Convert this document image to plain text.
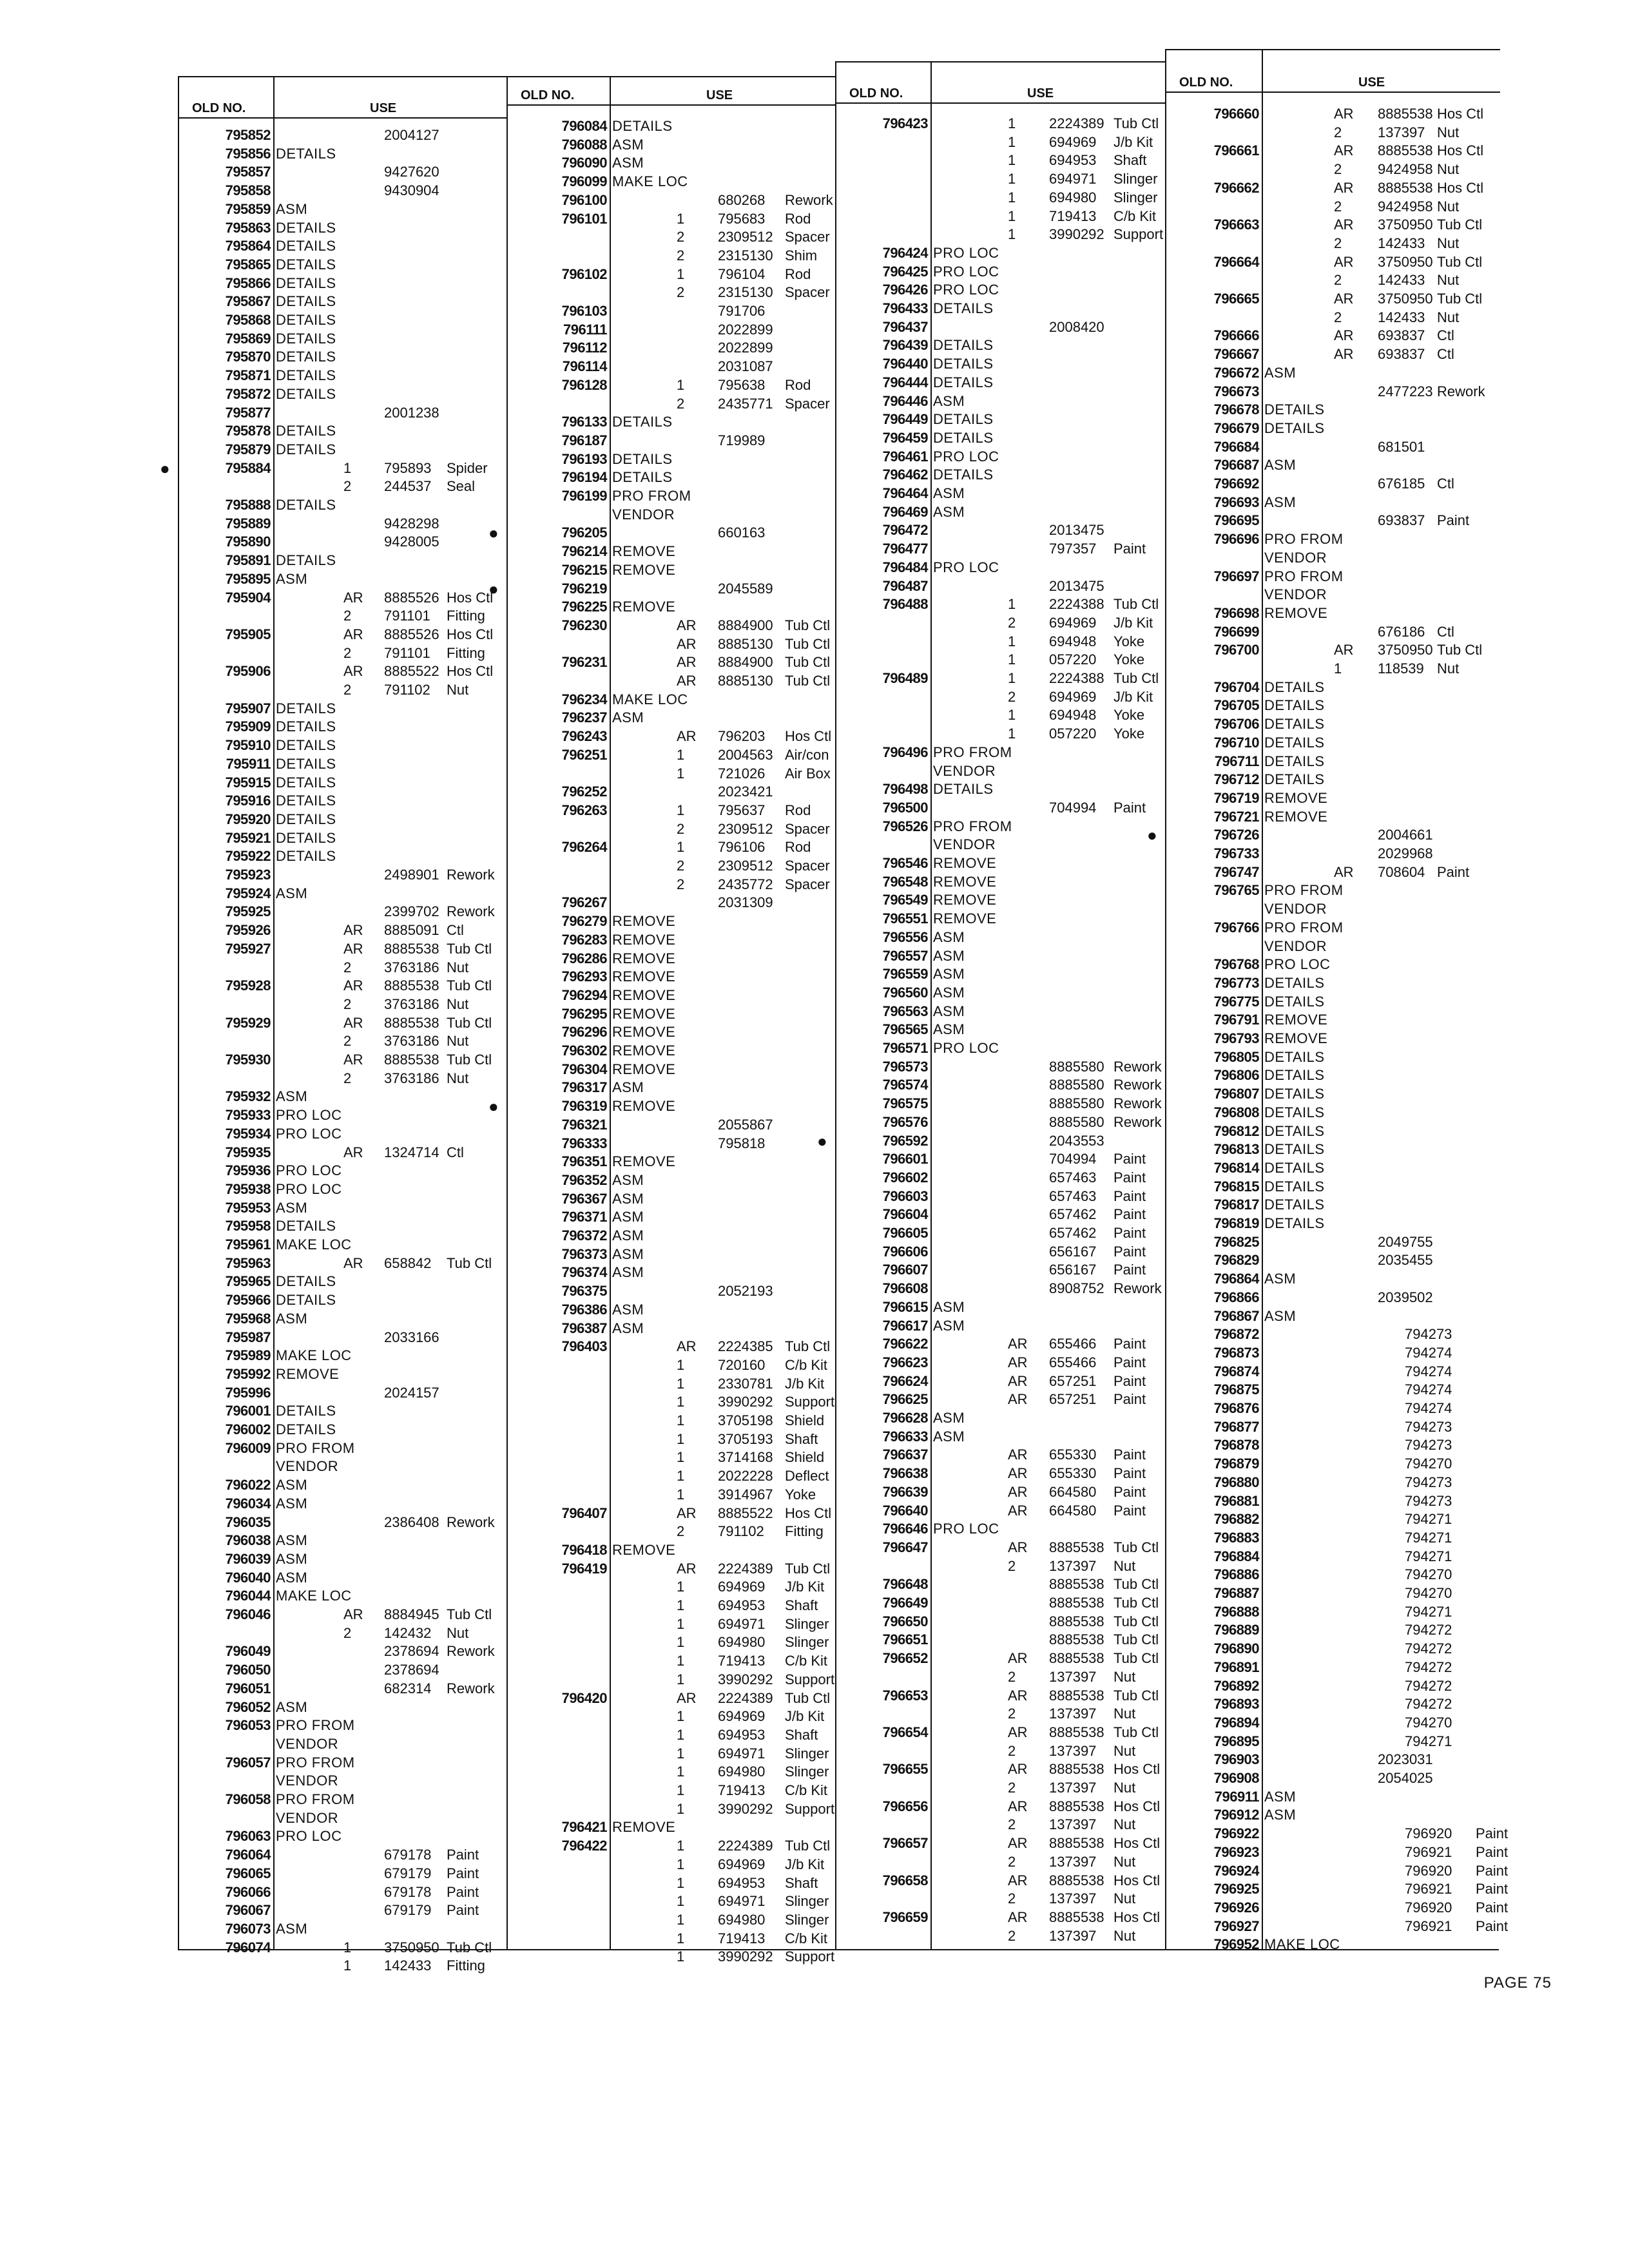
OLD NO.	USE
795852	2004127
795856 DETAILS
795857	9427620
795858	9430904
795859 ASM
795863 DETAILS
795864 DETAILS
795865 DETAILS
795866 DETAILS
795867 DETAILS
795868 DETAILS
795869 DETAILS
795870 DETAILS
795871 DETAILS
795872 DETAILS
795877	2001238
795878 DETAILS
795879 DETAILS
●	795884	1 795893 Spider
2 244537 Seal
795888 DETAILS
795889	9428298
795890	9428005
795891 DETAILS
795895 ASM
795904	AR 8885526 Hos Ctl
2 791101 Fitting
795905	AR 8885526 Hos Ctl
2 791101 Fitting
795906	AR 8885522 Hos Ctl
2 791102 Nut
795907 DETAILS
795909 DETAILS
795910 DETAILS
795911 DETAILS
795915 DETAILS
795916 DETAILS
795920 DETAILS
795921 DETAILS
795922 DETAILS
795923	2498901 Rework
795924 ASM
795925	2399702 Rework
795926	AR 8885091 Ctl
795927	AR 8885538 Tub Ctl
2 3763186 Nut
795928	AR 8885538 Tub Ctl
2 3763186 Nut
795929	AR 8885538 Tub Ctl
2 3763186 Nut
795930	AR 8885538 Tub Ctl
2 3763186 Nut
795932 ASM
795933 PRO LOC
795934 PRO LOC
795935	AR 1324714 Ctl
795936 PRO LOC
795938 PRO LOC
795953 ASM
795958 DETAILS
795961 MAKE LOC
795963	AR 658842 Tub Ctl
795965 DETAILS
795966 DETAILS
795968 ASM
795987	2033166
795989 MAKE LOC
795992 REMOVE
795996	2024157
796001 DETAILS
796002 DETAILS
796009 PRO FROM
VENDOR
796022 ASM
796034 ASM
796035	2386408 Rework
796038 ASM
796039 ASM
796040 ASM
796044 MAKE LOC
796046	AR 8884945 Tub Ctl
2 142432 Nut
796049	2378694 Rework
796050	2378694
796051	682314 Rework
796052 ASM
796053 PRO FROM
VENDOR
796057 PRO FROM
VENDOR
796058 PRO FROM
VENDOR
796063 PRO LOC
796064	679178 Paint
796065	679179 Paint
796066	679178 Paint
796067	679179 Paint
796073 ASM
796074	1 3750950 Tub Ctl
1 142433 Fitting
OLD NO.	USE
796084 DETAILS
796088 ASM
796090 ASM
796099 MAKE LOC
796100	680268 Rework
796101	1 795683 Rod
2 2309512 Spacer
2 2315130 Shim
796102	1 796104 Rod
2 2315130 Spacer
796103	791706
796111	2022899
796112	2022899
796114	2031087
796128	1 795638 Rod
2 2435771 Spacer
796133 DETAILS
796187	719989
796193 DETAILS
796194 DETAILS
796199 PRO FROM
VENDOR
●	796205	660163
796214 REMOVE
796215 REMOVE
●	796219	2045589
796225 REMOVE
796230	AR 8884900 Tub Ctl
AR 8885130 Tub Ctl
796231	AR 8884900 Tub Ctl
AR 8885130 Tub Ctl
796234 MAKE LOC
796237 ASM
796243	AR 796203 Hos Ctl
796251	1 2004563 Air/con
1 721026 Air Box
796252	2023421
796263	1 795637 Rod
2 2309512 Spacer
796264	1 796106 Rod
2 2309512 Spacer
2 2435772 Spacer
796267	2031309
796279 REMOVE
796283 REMOVE
796286 REMOVE
796293 REMOVE
796294 REMOVE
796295 REMOVE
796296 REMOVE
796302 REMOVE
796304 REMOVE
796317 ASM
●	796319 REMOVE
796321	2055867
796333	795818
796351 REMOVE
796352 ASM
796367 ASM
796371 ASM
796372 ASM
796373 ASM
796374 ASM
796375	2052193
796386 ASM
796387 ASM
796403	AR 2224385 Tub Ctl
1 720160 C/b Kit
1 2330781 J/b Kit
1 3990292 Support
1 3705198 Shield
1 3705193 Shaft
1 3714168 Shield
1 2022228 Deflect
1 3914967 Yoke
796407	AR 8885522 Hos Ctl
2 791102 Fitting
796418 REMOVE
796419	AR 2224389 Tub Ctl
1 694969 J/b Kit
1 694953 Shaft
1 694971 Slinger
1 694980 Slinger
1 719413 C/b Kit
1 3990292 Support
796420	AR 2224389 Tub Ctl
1 694969 J/b Kit
1 694953 Shaft
1 694971 Slinger
1 694980 Slinger
1 719413 C/b Kit
1 3990292 Support
796421 REMOVE
796422	1 2224389 Tub Ctl
1 694969 J/b Kit
1 694953 Shaft
1 694971 Slinger
1 694980 Slinger
1 719413 C/b Kit
1 3990292 Support
OLD NO.	USE
796423	1 2224389 Tub Ctl
1 694969 J/b Kit
1 694953 Shaft
1 694971 Slinger
1 694980 Slinger
1 719413 C/b Kit
1 3990292 Support
796424 PRO LOC
796425 PRO LOC
796426 PRO LOC
796433 DETAILS
796437	2008420
796439 DETAILS
796440 DETAILS
796444 DETAILS
796446 ASM
796449 DETAILS
796459 DETAILS
796461 PRO LOC
796462 DETAILS
796464 ASM
796469 ASM
796472	2013475
796477	797357 Paint
796484 PRO LOC
796487	2013475
796488	1 2224388 Tub Ctl
2 694969 J/b Kit
1 694948 Yoke
1 057220 Yoke
796489	1 2224388 Tub Ctl
2 694969 J/b Kit
1 694948 Yoke
1 057220 Yoke
796496 PRO FROM
VENDOR
796498 DETAILS
796500	704994 Paint
796526 PRO FROM
VENDOR
796546 REMOVE
796548 REMOVE
796549 REMOVE
796551 REMOVE
796556 ASM
796557 ASM
796559 ASM
796560 ASM
796563 ASM
796565 ASM
796571 PRO LOC
796573	8885580 Rework
796574	8885580 Rework
796575	8885580 Rework
796576	8885580 Rework
●	796592	2043553
796601	704994 Paint
796602	657463 Paint
796603	657463 Paint
796604	657462 Paint
796605	657462 Paint
796606	656167 Paint
796607	656167 Paint
796608	8908752 Rework
796615 ASM
796617 ASM
796622	AR 655466 Paint
796623	AR 655466 Paint
796624	AR 657251 Paint
796625	AR 657251 Paint
796628 ASM
796633 ASM
796637	AR 655330 Paint
796638	AR 655330 Paint
796639	AR 664580 Paint
796640	AR 664580 Paint
796646 PRO LOC
796647	AR 8885538 Tub Ctl
2 137397 Nut
796648	8885538 Tub Ctl
796649	8885538 Tub Ctl
796650	8885538 Tub Ctl
796651	8885538 Tub Ctl
796652	AR 8885538 Tub Ctl
2 137397 Nut
796653	AR 8885538 Tub Ctl
2 137397 Nut
796654	AR 8885538 Tub Ctl
2 137397 Nut
796655	AR 8885538 Hos Ctl
2 137397 Nut
796656	AR 8885538 Hos Ctl
2 137397 Nut
796657	AR 8885538 Hos Ctl
2 137397 Nut
796658	AR 8885538 Hos Ctl
2 137397 Nut
796659	AR 8885538 Hos Ctl
2 137397 Nut
OLD NO.	USE
796660	AR 8885538 Hos Ctl
2	137397 Nut
796661	AR 8885538 Hos Ctl
2	9424958 Nut
796662	AR 8885538 Hos Ctl
2	9424958 Nut
796663	AR 3750950 Tub Ctl
2	142433 Nut
796664	AR 3750950 Tub Ctl
2	142433 Nut
796665	AR 3750950 Tub Ctl
2	142433 Nut
796666	AR 693837 Ctl
796667	AR 693837 Ctl
796672 ASM
796673	2477223 Rework
796678 DETAILS
796679 DETAILS
796684	681501
796687 ASM
796692	676185 Ctl
796693 ASM
796695	693837 Paint
796696 PRO FROM
VENDOR
796697 PRO FROM
VENDOR
796698 REMOVE
796699	676186 Ctl
796700	AR 3750950 Tub Ctl
1	118539 Nut
796704 DETAILS
796705 DETAILS
796706 DETAILS
796710 DETAILS
796711 DETAILS
796712 DETAILS
796719 REMOVE
796721 REMOVE
●	796726	2004661
796733	2029968
796747	AR 708604 Paint
796765 PRO FROM
VENDOR
796766 PRO FROM
VENDOR
796768 PRO LOC
796773 DETAILS
796775 DETAILS
796791 REMOVE
796793 REMOVE
796805 DETAILS
796806 DETAILS
796807 DETAILS
796808 DETAILS
796812 DETAILS
796813 DETAILS
796814 DETAILS
796815 DETAILS
796817 DETAILS
796819 DETAILS
796825	2049755
796829	2035455
796864 ASM
796866	2039502
796867 ASM
796872	794273
796873	794274
796874	794274
796875	794274
796876	794274
796877	794273
796878	794273
796879	794270
796880	794273
796881	794273
796882	794271
796883	794271
796884	794271
796886	794270
796887	794270
796888	794271
796889	794272
796890	794272
796891	794272
796892	794272
796893	794272
796894	794270
796895	794271
796903	2023031
796908	2054025
796911 ASM
796912 ASM
796922	796920 Paint
796923	796921 Paint
796924	796920 Paint
796925	796921 Paint
796926	796920 Paint
796927	796921 Paint
796952 MAKE LOC
PAGE 75
